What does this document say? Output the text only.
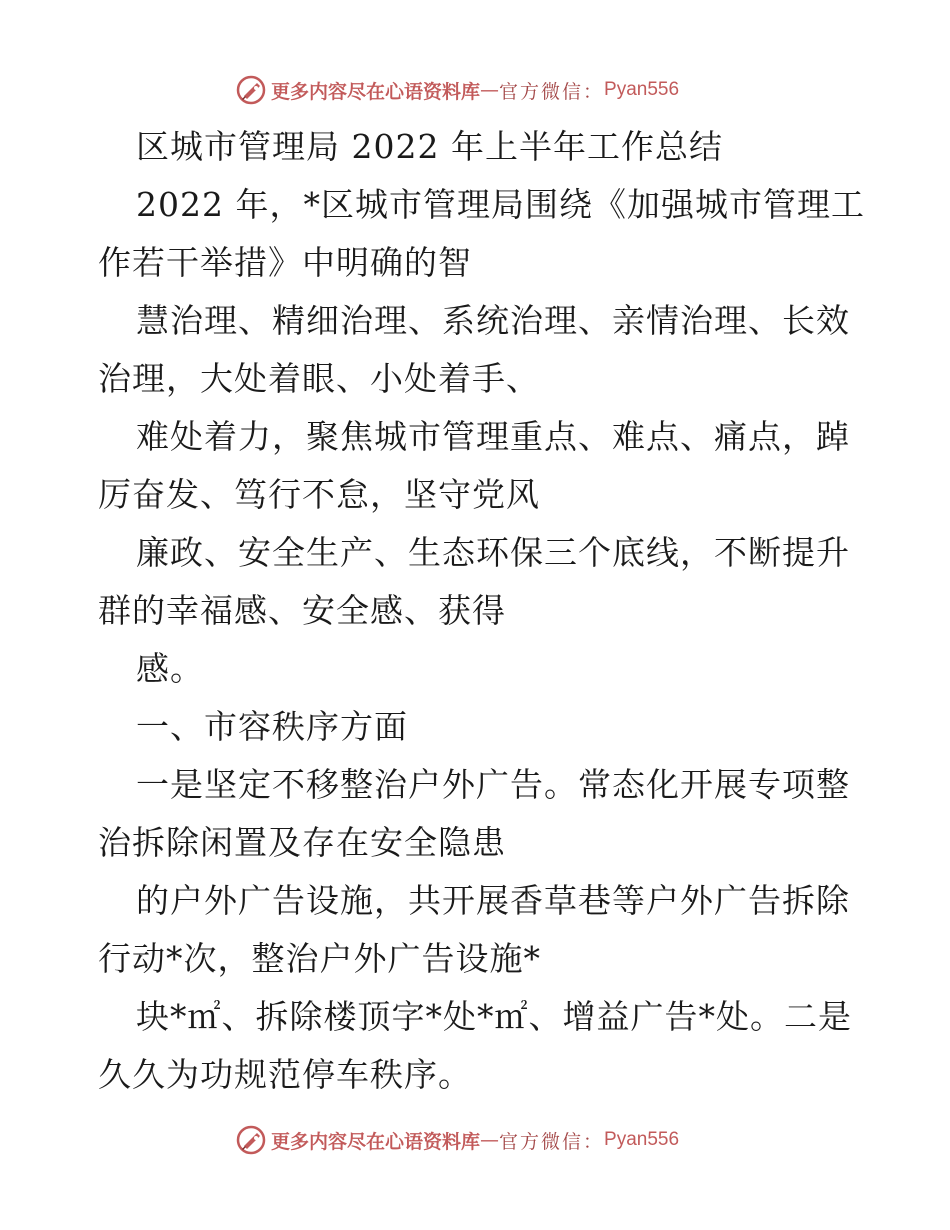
更多内容尽在心语资料库 — 官方微信： Pyan556
区城市管理局 2022 年上半年工作总结
2022 年，*区城市管理局围绕《加强城市管理工
作若干举措》中明确的智
慧治理、精细治理、系统治理、亲情治理、长效
治理，大处着眼、小处着手、
难处着力，聚焦城市管理重点、难点、痛点，踔
厉奋发、笃行不怠，坚守党风
廉政、安全生产、生态环保三个底线，不断提升
群的幸福感、安全感、获得
感。
一、市容秩序方面
一是坚定不移整治户外广告。常态化开展专项整
治拆除闲置及存在安全隐患
的户外广告设施，共开展香草巷等户外广告拆除
行动*次，整治户外广告设施*
块*㎡、拆除楼顶字*处*㎡、增益广告*处。二是
久久为功规范停车秩序。
更多内容尽在心语资料库 — 官方微信： Pyan556
